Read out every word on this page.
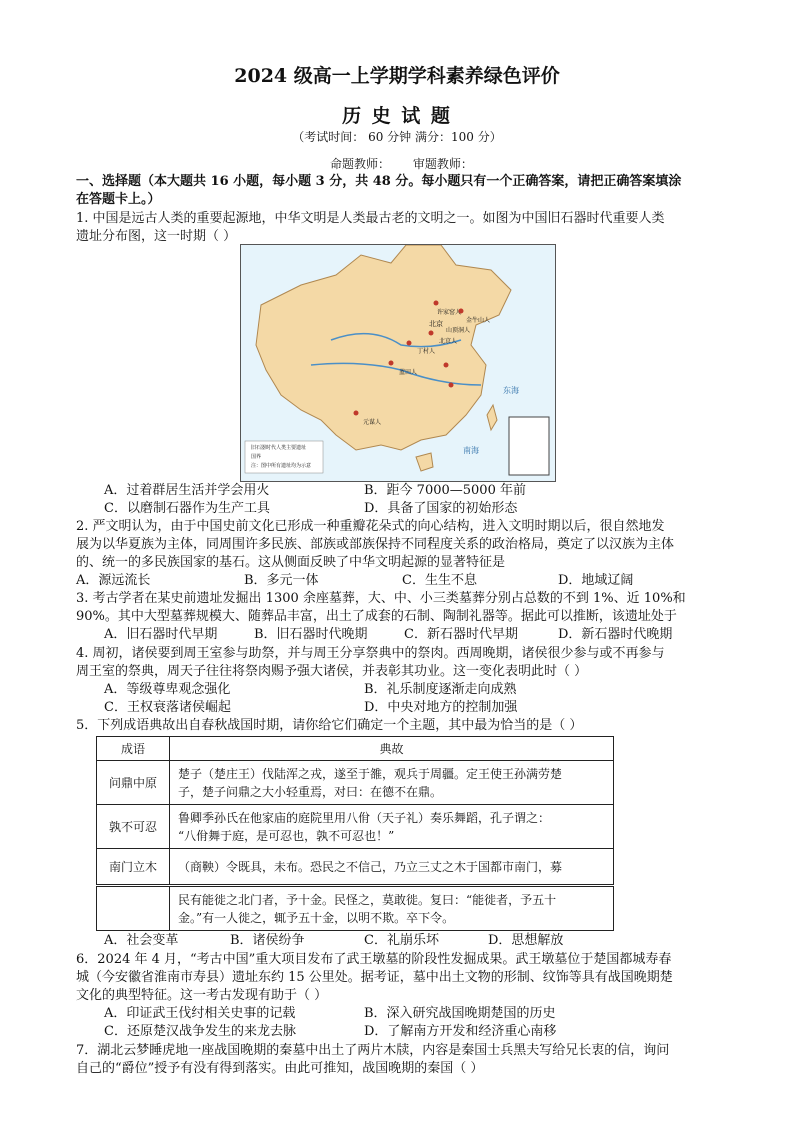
2024 级高一上学期学科素养绿色评价
历 史 试 题
（考试时间： 60 分钟 满分：100 分）
命题教师：      审题教师：
一、选择题（本大题共 16 小题，每小题 3 分，共 48 分。每小题只有一个正确答案，请把正确答案填涂
在答题卡上。）
1. 中国是远古人类的重要起源地，中华文明是人类最古老的文明之一。如图为中国旧石器时代重要人类
遗址分布图，这一时期（ ）
北京	金牛山人
山顶洞人
许家窑人
丁村人
蓝田人
北京人
元谋人
东海
南海
旧石器时代人类主要遗址
国界
注：图中所有遗址均为示意
A．过着群居生活并学会用火	B．距今 7000—5000 年前
C．以磨制石器作为生产工具	D．具备了国家的初始形态
2. 严文明认为，由于中国史前文化已形成一种重瓣花朵式的向心结构，进入文明时期以后，很自然地发
展为以华夏族为主体，同周围许多民族、部族或部族保持不同程度关系的政治格局，奠定了以汉族为主体
的、统一的多民族国家的基石。这从侧面反映了中华文明起源的显著特征是
A．源远流长	B．多元一体	C．生生不息	D．地域辽阔
3. 考古学者在某史前遗址发掘出 1300 余座墓葬，大、中、小三类墓葬分别占总数的不到 1%、近 10%和
90%。其中大型墓葬规模大、随葬品丰富，出土了成套的石制、陶制礼器等。据此可以推断，该遗址处于
A．旧石器时代早期	B．旧石器时代晚期	C．新石器时代早期	D．新石器时代晚期
4. 周初，诸侯要到周王室参与助祭，并与周王分享祭典中的祭肉。西周晚期，诸侯很少参与或不再参与
周王室的祭典，周天子往往将祭肉赐予强大诸侯，并表彰其功业。这一变化表明此时（ ）
A．等级尊卑观念强化	B．礼乐制度逐渐走向成熟
C．王权衰落诸侯崛起	D．中央对地方的控制加强
5．下列成语典故出自春秋战国时期，请你给它们确定一个主题，其中最为恰当的是（ ）
成语	典故
问鼎中原	楚子（楚庄王）伐陆浑之戎，遂至于雒，观兵于周疆。定王使王孙满劳楚
子，楚子问鼎之大小轻重焉，对曰：在德不在鼎。

孰不可忍	鲁卿季孙氏在他家庙的庭院里用八佾（天子礼）奏乐舞蹈，孔子谓之：
“八佾舞于庭，是可忍也，孰不可忍也！”

南门立木	（商鞅）令既具，未布。恐民之不信己，乃立三丈之木于国都市南门，募

民有能徙之北门者，予十金。民怪之，莫敢徙。复曰：“能徙者，予五十
金。”有一人徙之，辄予五十金，以明不欺。卒下令。
A．社会变革	B．诸侯纷争	C．礼崩乐坏	D．思想解放
6．2024 年 4 月，“考古中国”重大项目发布了武王墩墓的阶段性发掘成果。武王墩墓位于楚国都城寿春
城（今安徽省淮南市寿县）遗址东约 15 公里处。据考证，墓中出土文物的形制、纹饰等具有战国晚期楚
文化的典型特征。这一考古发现有助于（ ）
A．印证武王伐纣相关史事的记载	B．深入研究战国晚期楚国的历史
C．还原楚汉战争发生的来龙去脉	D．了解南方开发和经济重心南移
7．湖北云梦睡虎地一座战国晚期的秦墓中出土了两片木牍，内容是秦国士兵黑夫写给兄长衷的信，询问
自己的“爵位”授予有没有得到落实。由此可推知，战国晚期的秦国（ ）
